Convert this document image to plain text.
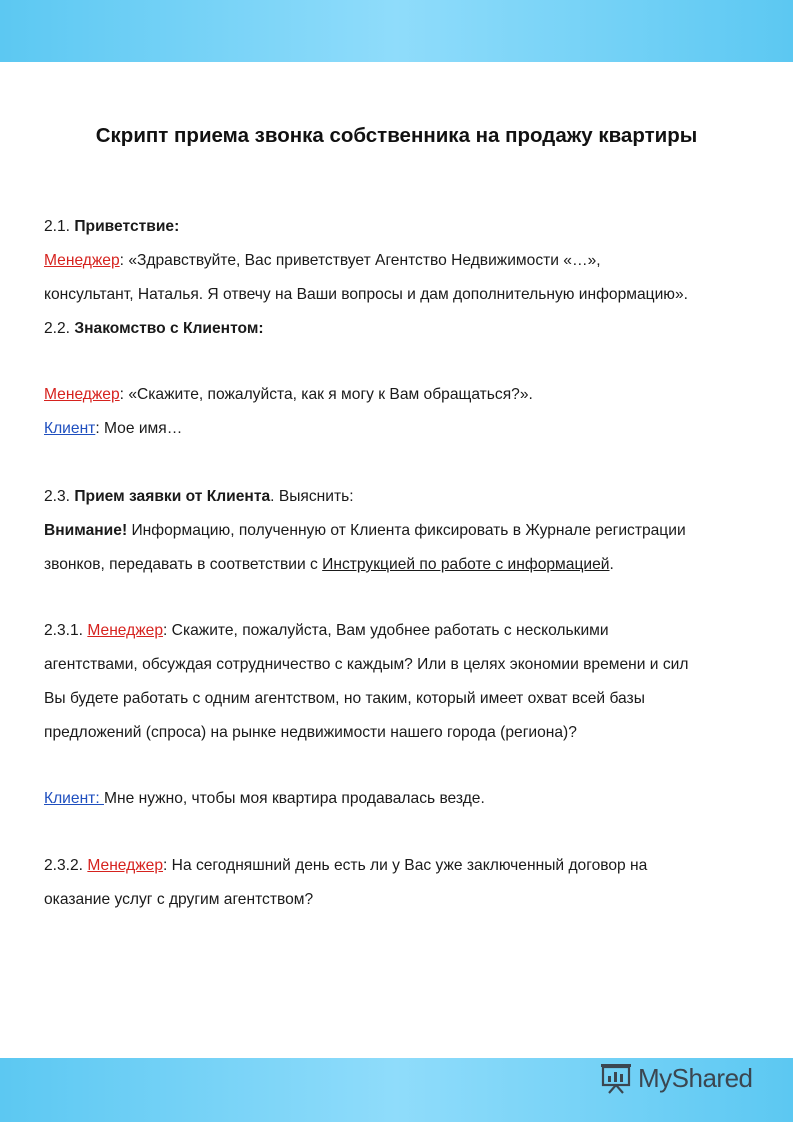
Скрипт приема звонка собственника на продажу квартиры
2.1. Приветствие:
Менеджер: «Здравствуйте, Вас приветствует Агентство Недвижимости «…»,
консультант, Наталья. Я отвечу на Ваши вопросы и дам дополнительную информацию».
2.2. Знакомство с Клиентом:
Менеджер: «Скажите, пожалуйста, как я могу к Вам обращаться?».
Клиент: Мое имя…
2.3. Прием заявки от Клиента. Выяснить:
Внимание! Информацию, полученную от Клиента фиксировать в Журнале регистрации
звонков, передавать в соответствии с Инструкцией по работе с информацией.
2.3.1. Менеджер: Скажите, пожалуйста, Вам удобнее работать с несколькими
агентствами, обсуждая сотрудничество с каждым? Или в целях экономии времени и сил
Вы будете работать с одним агентством, но таким, который имеет охват всей базы
предложений (спроса) на рынке недвижимости нашего города (региона)?
Клиент: Мне нужно, чтобы моя квартира продавалась везде.
2.3.2. Менеджер: На сегодняшний день есть ли у Вас уже заключенный договор на
оказание услуг с другим агентством?
MyShared
